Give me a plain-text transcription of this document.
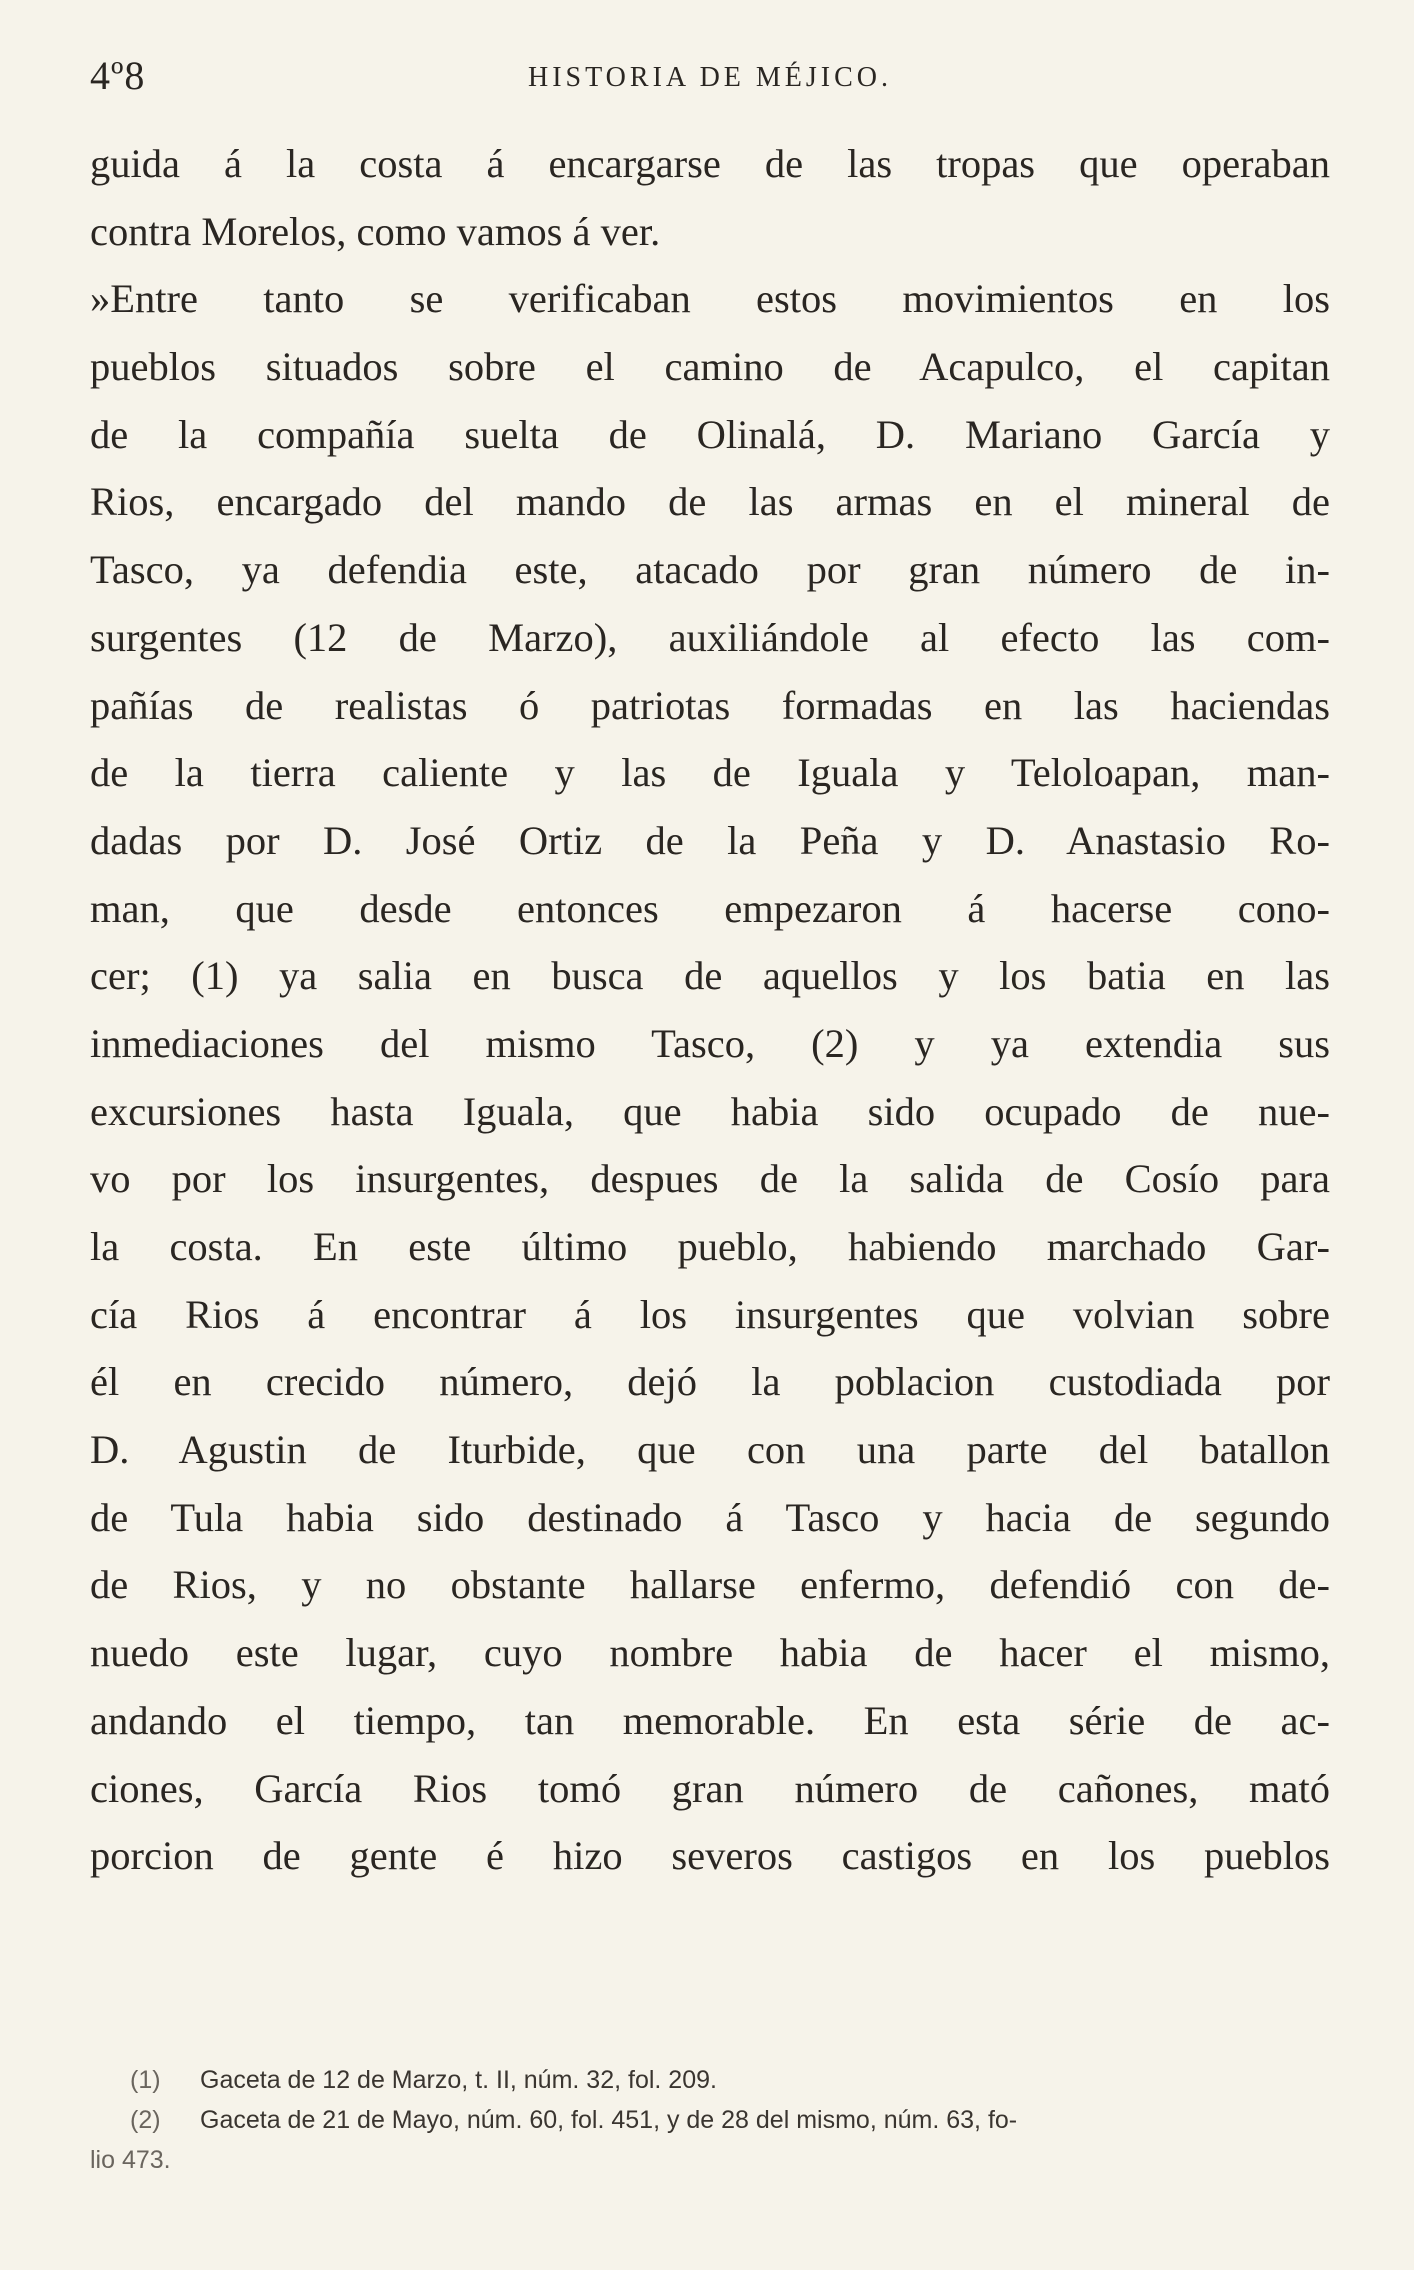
4º8	HISTORIA DE MÉJICO.
guida á la costa á encargarse de las tropas que operaban
contra Morelos, como vamos á ver.
»Entre tanto se verificaban estos movimientos en los
pueblos situados sobre el camino de Acapulco, el capitan
de la compañía suelta de Olinalá, D. Mariano García y
Rios, encargado del mando de las armas en el mineral de
Tasco, ya defendia este, atacado por gran número de in-
surgentes (12 de Marzo), auxiliándole al efecto las com-
pañías de realistas ó patriotas formadas en las haciendas
de la tierra caliente y las de Iguala y Teloloapan, man-
dadas por D. José Ortiz de la Peña y D. Anastasio Ro-
man, que desde entonces empezaron á hacerse cono-
cer; (1) ya salia en busca de aquellos y los batia en las
inmediaciones del mismo Tasco, (2) y ya extendia sus
excursiones hasta Iguala, que habia sido ocupado de nue-
vo por los insurgentes, despues de la salida de Cosío para
la costa. En este último pueblo, habiendo marchado Gar-
cía Rios á encontrar á los insurgentes que volvian sobre
él en crecido número, dejó la poblacion custodiada por
D. Agustin de Iturbide, que con una parte del batallon
de Tula habia sido destinado á Tasco y hacia de segundo
de Rios, y no obstante hallarse enfermo, defendió con de-
nuedo este lugar, cuyo nombre habia de hacer el mismo,
andando el tiempo, tan memorable. En esta série de ac-
ciones, García Rios tomó gran número de cañones, mató
porcion de gente é hizo severos castigos en los pueblos
(1) Gaceta de 12 de Marzo, t. II, núm. 32, fol. 209.
(2) Gaceta de 21 de Mayo, núm. 60, fol. 451, y de 28 del mismo, núm. 63, fo-
lio 473.
